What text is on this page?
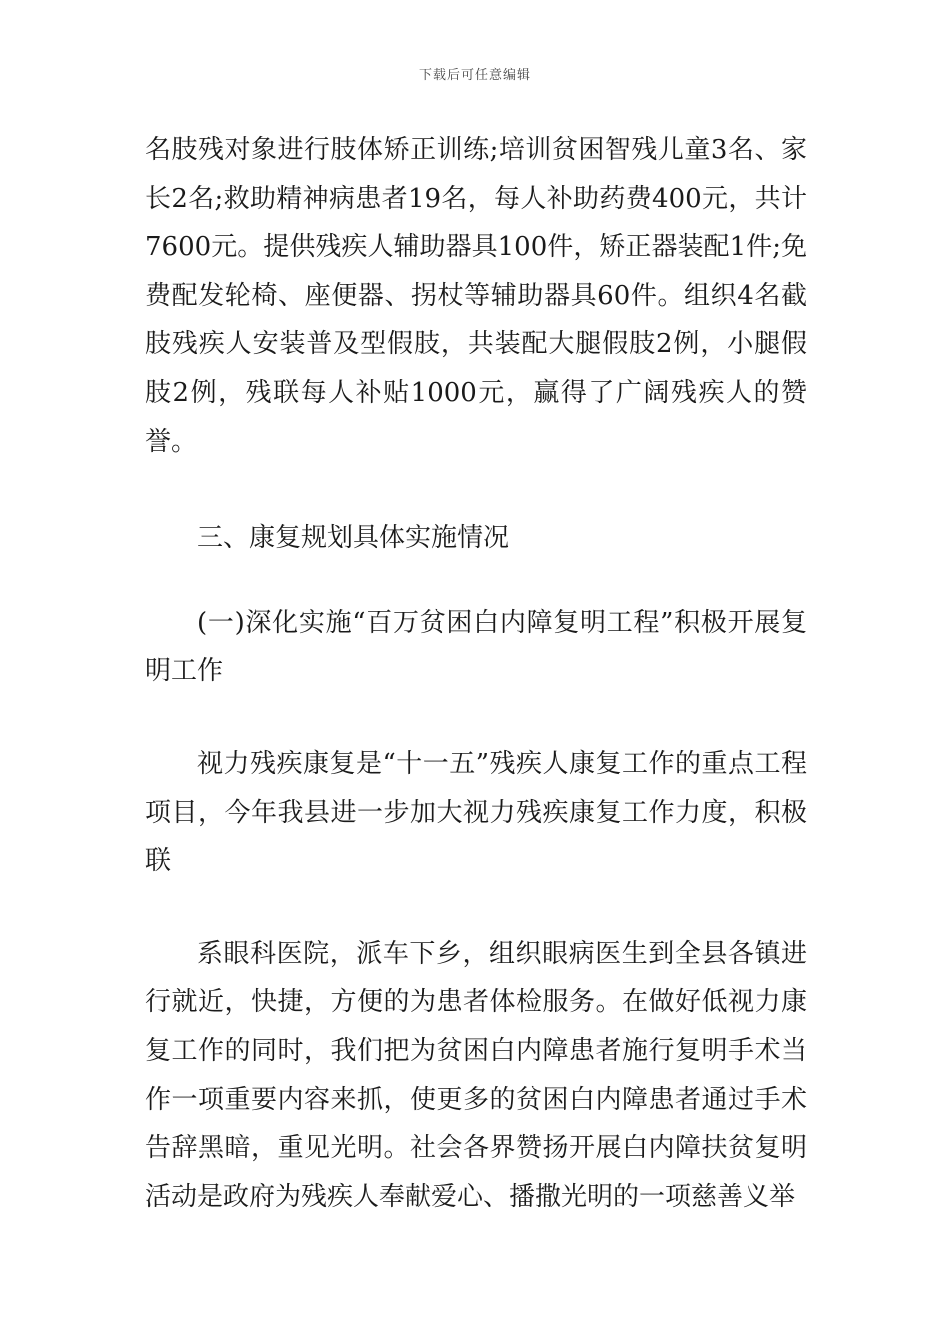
下载后可任意编辑

名肢残对象进行肢体矫正训练;培训贫困智残儿童3名、家长2名;救助精神病患者19名，每人补助药费400元，共计7600元。提供残疾人辅助器具100件，矫正器装配1件;免费配发轮椅、座便器、拐杖等辅助器具60件。组织4名截肢残疾人安装普及型假肢，共装配大腿假肢2例，小腿假肢2例，残联每人补贴1000元，赢得了广阔残疾人的赞誉。

三、康复规划具体实施情况

(一)深化实施“百万贫困白内障复明工程”积极开展复明工作

视力残疾康复是“十一五”残疾人康复工作的重点工程项目，今年我县进一步加大视力残疾康复工作力度，积极联

系眼科医院，派车下乡，组织眼病医生到全县各镇进行就近，快捷，方便的为患者体检服务。在做好低视力康复工作的同时，我们把为贫困白内障患者施行复明手术当作一项重要内容来抓，使更多的贫困白内障患者通过手术告辞黑暗，重见光明。社会各界赞扬开展白内障扶贫复明活动是政府为残疾人奉献爱心、播撒光明的一项慈善义举
